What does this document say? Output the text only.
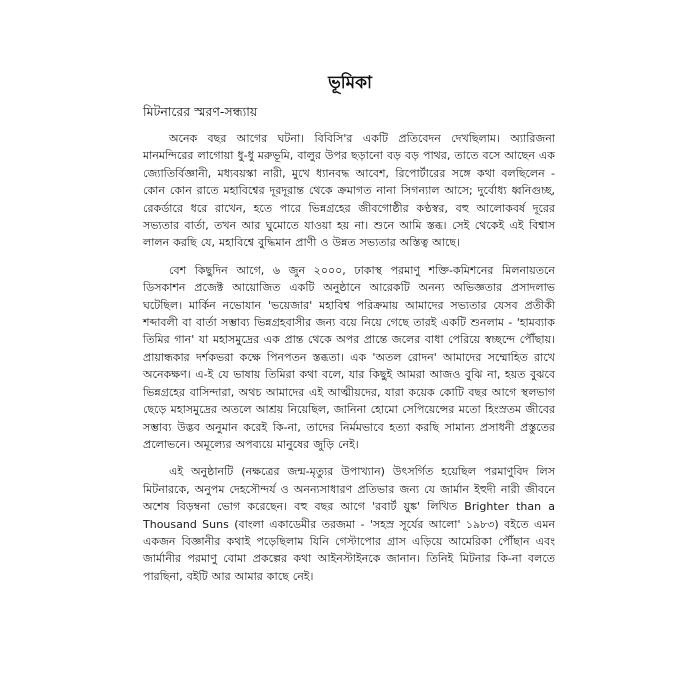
ভূমিকা
মিটনারের স্মরণ-সন্ধ্যায়

অনেক বছর আগের ঘটনা। বিবিসি'র একটি প্রতিবেদন দেখছিলাম। অ্যারিজনা মানমন্দিরের লাগোয়া ধু-ধু মরুভূমি, বালুর উপর ছড়ানো বড় বড় পাথর, তাতে বসে আছেন এক জ্যোতির্বিজ্ঞানী, মধ্যবয়স্কা নারী, মুখে ধ্যানবদ্ধ আবেশ, রিপোর্টারের সঙ্গে কথা বলছিলেন - কোন কোন রাতে মহাবিশ্বের দূরদূরান্ত থেকে ক্রমাগত নানা সিগন্যাল আসে; দুর্বোধ্য ধ্বনিগুচ্ছ, রেকর্ডারে ধরে রাখেন, হতে পারে ভিন্নগ্রহের জীবগোষ্ঠীর কণ্ঠস্বর, বহু আলোকবর্ষ দূরের সভ্যতার বার্তা, তখন আর ঘুমোতে যাওয়া হয় না। শুনে আমি স্তব্ধ। সেই থেকেই এই বিশ্বাস লালন করছি যে, মহাবিশ্বে বুদ্ধিমান প্রাণী ও উন্নত সভ্যতার অস্তিত্ব আছে।

বেশ কিছুদিন আগে, ৬ জুন ২০০০, ঢাকাস্থ পরমাণু শক্তি-কমিশনের মিলনায়তনে ডিসকাশন প্রজেক্ট আয়োজিত একটি অনুষ্ঠানে আরেকটি অনন্য অভিজ্ঞতার প্রসাদলাভ ঘটেছিল। মার্কিন নভোযান 'ভয়েজার' মহাবিশ্ব পরিক্রমায় আমাদের সভ্যতার যেসব প্রতীকী শব্দাবলী বা বার্তা সম্ভাব্য ভিন্নগ্রহবাসীর জন্য বয়ে নিয়ে গেছে তারই একটি শুনলাম - 'হামব্যাক তিমির গান' যা মহাসমুদ্রের এক প্রান্ত থেকে অপর প্রান্তে জলের বাধা পেরিয়ে স্বচ্ছন্দে পৌঁছায়। প্রায়ান্ধকার দর্শকভরা কক্ষে পিনপতন স্তব্ধতা। এক 'অতল রোদন' আমাদের সম্মোহিত রাখে অনেকক্ষণ। এ-ই যে ভাষায় তিমিরা কথা বলে, যার কিছুই আমরা আজও বুঝি না, হয়ত বুঝবে ভিন্নগ্রহের বাসিন্দারা, অথচ আমাদের এই আত্মীয়দের, যারা কয়েক কোটি বছর আগে স্থলভাগ ছেড়ে মহাসমুদ্রের অতলে আশ্রয় নিয়েছিল, জানিনা হোমো সেপিয়েন্সের মতো হিংস্রতম জীবের সম্ভাব্য উদ্ভব অনুমান করেই কি-না, তাদের নির্মমভাবে হত্যা করছি সামান্য প্রসাধনী প্রস্তুতের প্রলোভনে। অমূল্যের অপব্যয়ে মানুষের জুড়ি নেই।

এই অনুষ্ঠানটি (নক্ষত্রের জন্ম-মৃত্যুর উপাখ্যান) উৎসর্গিত হয়েছিল পরমাণুবিদ লিস মিটনারকে, অনুপম দেহসৌন্দর্য ও অনন্যসাধারণ প্রতিভার জন্য যে জার্মান ইহুদী নারী জীবনে অশেষ বিড়ম্বনা ভোগ করেছেন। বহু বছর আগে 'রবার্ট য়ুঙ্ক' লিখিত Brighter than a Thousand Suns (বাংলা একাডেমীর তরজমা - 'সহস্র সূর্যের আলো' ১৯৮৩) বইতে এমন একজন বিজ্ঞানীর কথাই পড়েছিলাম যিনি গেস্টাপোর গ্রাস এড়িয়ে আমেরিকা পৌঁছান এবং জার্মানীর পরমাণু বোমা প্রকল্পের কথা আইনস্টাইনকে জানান। তিনিই মিটনার কি-না বলতে পারছিনা, বইটি আর আমার কাছে নেই।
